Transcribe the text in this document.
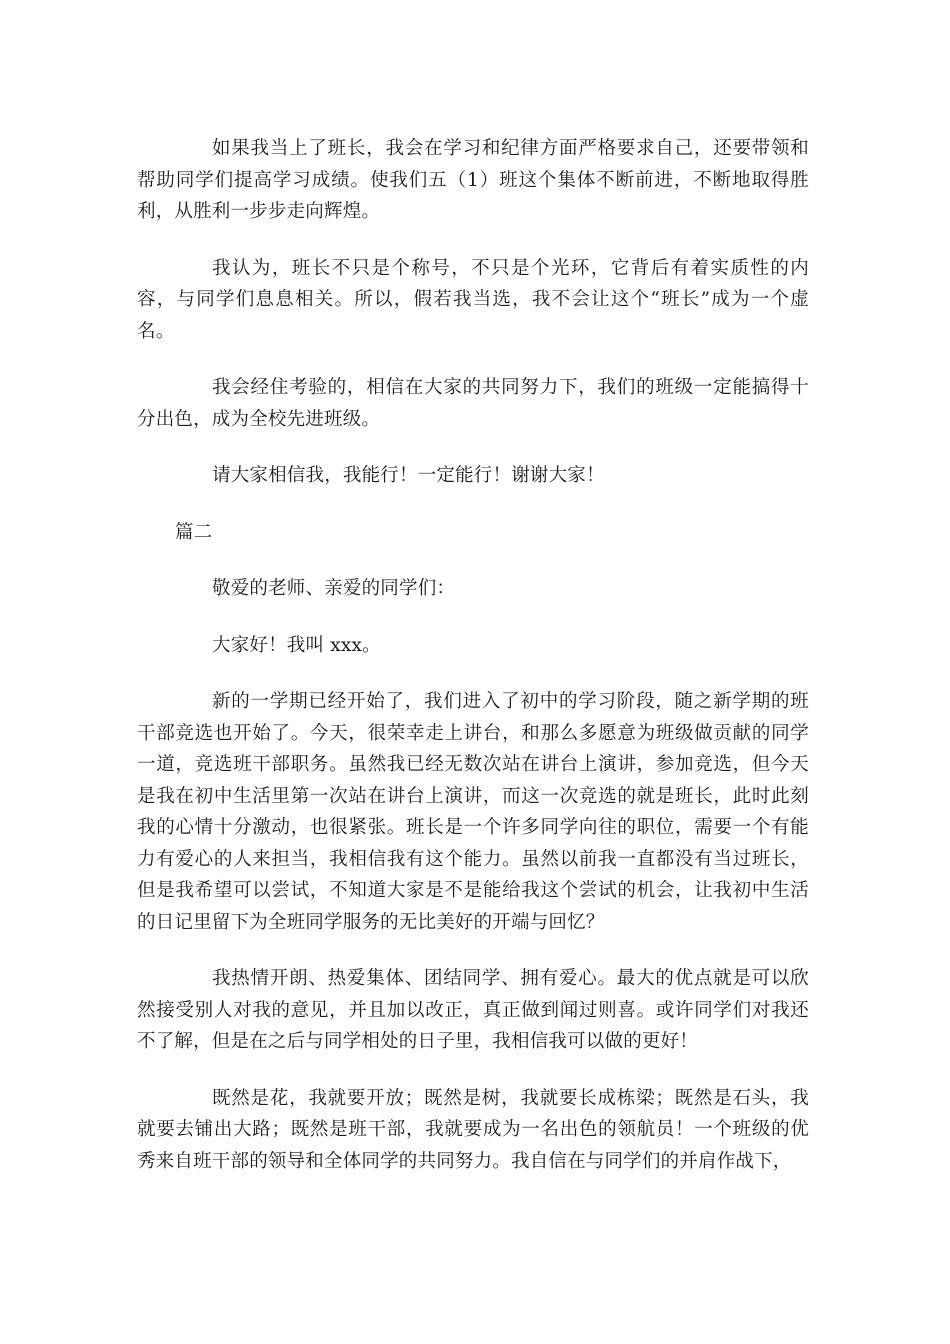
如果我当上了班长，我会在学习和纪律方面严格要求自己，还要带领和帮助同学们提高学习成绩。使我们五（1）班这个集体不断前进，不断地取得胜利，从胜利一步步走向辉煌。

我认为，班长不只是个称号，不只是个光环，它背后有着实质性的内容，与同学们息息相关。所以，假若我当选，我不会让这个“班长”成为一个虚名。

我会经住考验的，相信在大家的共同努力下，我们的班级一定能搞得十分出色，成为全校先进班级。

请大家相信我，我能行！一定能行！谢谢大家！

篇二

敬爱的老师、亲爱的同学们：

大家好！我叫 xxx。

新的一学期已经开始了，我们进入了初中的学习阶段，随之新学期的班干部竞选也开始了。今天，很荣幸走上讲台，和那么多愿意为班级做贡献的同学一道，竞选班干部职务。虽然我已经无数次站在讲台上演讲，参加竞选，但今天是我在初中生活里第一次站在讲台上演讲，而这一次竞选的就是班长，此时此刻我的心情十分激动，也很紧张。班长是一个许多同学向往的职位，需要一个有能力有爱心的人来担当，我相信我有这个能力。虽然以前我一直都没有当过班长，但是我希望可以尝试，不知道大家是不是能给我这个尝试的机会，让我初中生活的日记里留下为全班同学服务的无比美好的开端与回忆？

我热情开朗、热爱集体、团结同学、拥有爱心。最大的优点就是可以欣然接受别人对我的意见，并且加以改正，真正做到闻过则喜。或许同学们对我还不了解，但是在之后与同学相处的日子里，我相信我可以做的更好！

既然是花，我就要开放；既然是树，我就要长成栋梁；既然是石头，我就要去铺出大路；既然是班干部，我就要成为一名出色的领航员！一个班级的优秀来自班干部的领导和全体同学的共同努力。我自信在与同学们的并肩作战下，
